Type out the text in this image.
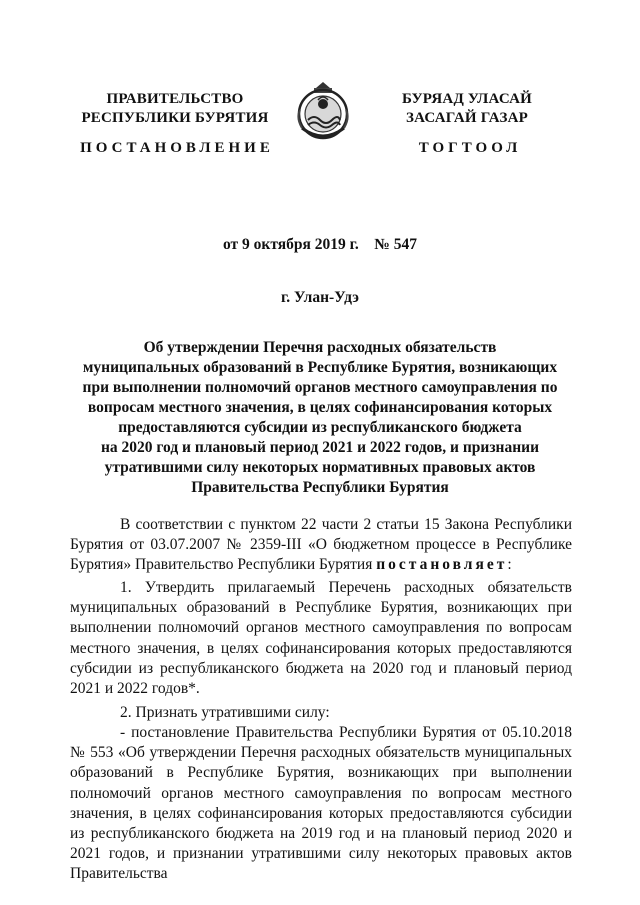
ПРАВИТЕЛЬСТВО
РЕСПУБЛИКИ БУРЯТИЯ
БУРЯАД УЛАСАЙ
ЗАСАГАЙ ГАЗАР
ПОСТАНОВЛЕНИЕ	ТОГТООЛ
от 9 октября 2019 г. № 547
г. Улан-Удэ
Об утверждении Перечня расходных обязательств
муниципальных образований в Республике Бурятия, возникающих
при выполнении полномочий органов местного самоуправления по
вопросам местного значения, в целях софинансирования которых
предоставляются субсидии из республиканского бюджета
на 2020 год и плановый период 2021 и 2022 годов, и признании
утратившими силу некоторых нормативных правовых актов
Правительства Республики Бурятия
В соответствии с пунктом 22 части 2 статьи 15 Закона Республики Бурятия от 03.07.2007 № 2359-III «О бюджетном процессе в Республике Бурятия» Правительство Республики Бурятия постановляет:
1. Утвердить прилагаемый Перечень расходных обязательств муниципальных образований в Республике Бурятия, возникающих при выполнении полномочий органов местного самоуправления по вопросам местного значения, в целях софинансирования которых предоставляются субсидии из республиканского бюджета на 2020 год и плановый период 2021 и 2022 годов*.
2. Признать утратившими силу:
- постановление Правительства Республики Бурятия от 05.10.2018 № 553 «Об утверждении Перечня расходных обязательств муниципальных образований в Республике Бурятия, возникающих при выполнении полномочий органов местного самоуправления по вопросам местного значения, в целях софинансирования которых предоставляются субсидии из республиканского бюджета на 2019 год и на плановый период 2020 и 2021 годов, и признании утратившими силу некоторых правовых актов Правительства
